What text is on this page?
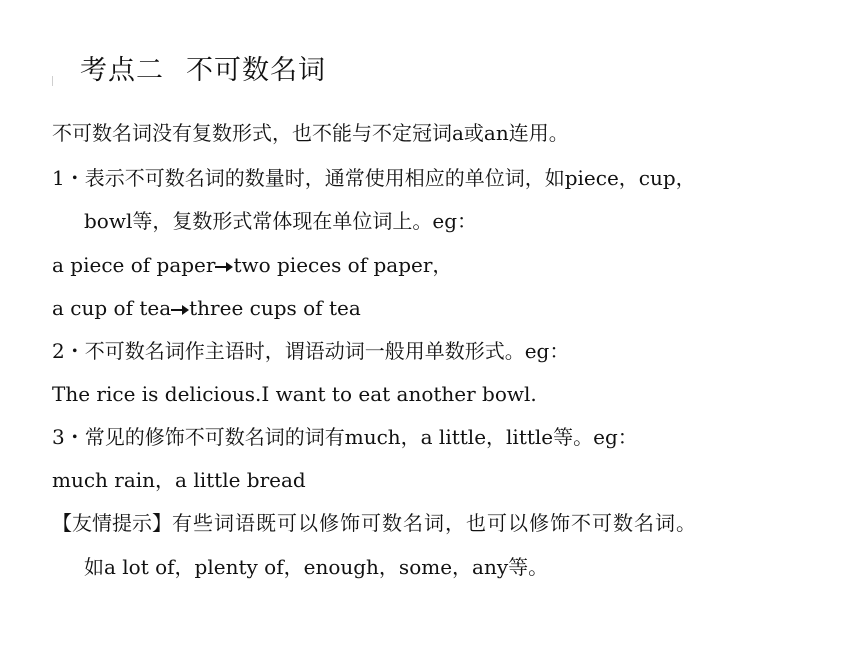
考点二 不可数名词
不可数名词没有复数形式，也不能与不定冠词a或an连用。
1・表示不可数名词的数量时，通常使用相应的单位词，如piece，cup，
bowl等，复数形式常体现在单位词上。eg：
a piece of paper two pieces of paper，
a cup of tea three cups of tea
2・不可数名词作主语时，谓语动词一般用单数形式。eg：
The rice is delicious.I want to eat another bowl.
3・常见的修饰不可数名词的词有much，a little，little等。eg：
much rain，a little bread
【友情提示】有些词语既可以修饰可数名词，也可以修饰不可数名词。
如a lot of，plenty of，enough，some，any等。
